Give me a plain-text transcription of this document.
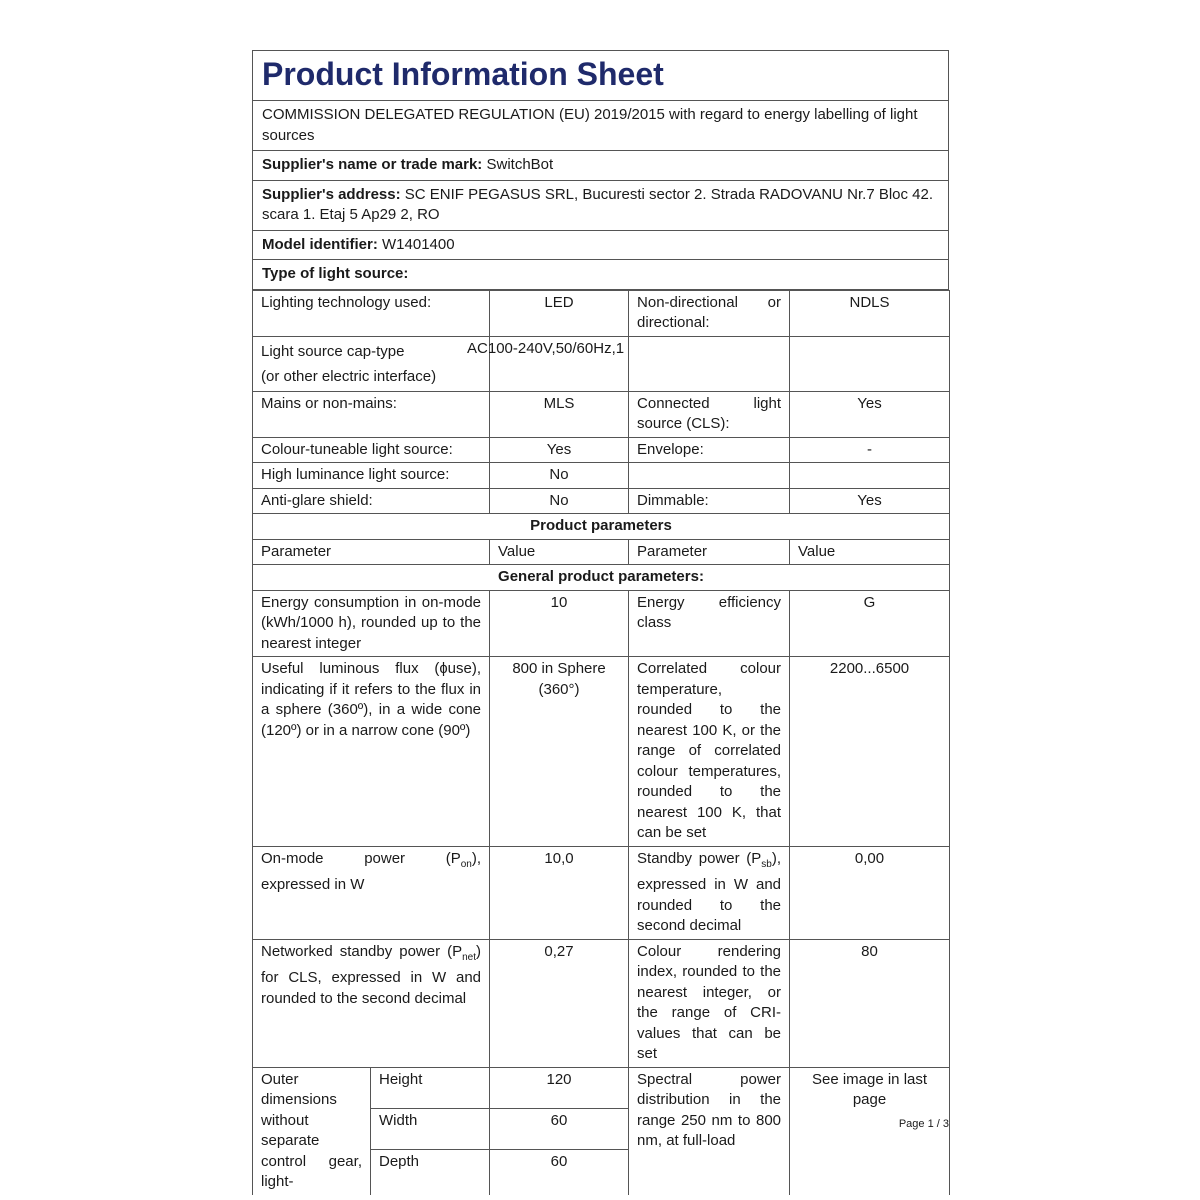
Product Information Sheet
COMMISSION DELEGATED REGULATION (EU) 2019/2015 with regard to energy labelling of light sources
Supplier's name or trade mark: SwitchBot
Supplier's address: SC ENIF PEGASUS SRL, Bucuresti sector 2. Strada RADOVANU Nr.7 Bloc 42. scara 1. Etaj 5 Ap29 2, RO
Model identifier: W1401400
Type of light source:
Lighting technology used:		LED	Non-directional or directional:	NDLS

Light source cap-type
(or other electric interface)		AC100-240V,50/60Hz,1		

Mains or non-mains:		MLS	Connected light source (CLS):	Yes
Colour-tuneable light source:		Yes	Envelope:	-
High luminance light source:		No		
Anti-glare shield:		No	Dimmable:	Yes
Product parameters				
Parameter		Value	Parameter	Value
General product parameters:				
Energy consumption in on-mode (kWh/1000 h), rounded up to the nearest integer		10	Energy efficiency class	G
Useful luminous flux (ɸuse), indicating if it refers to the flux in a sphere (360º), in a wide cone (120º) or in a narrow cone (90º)		800 in Sphere (360°)	Correlated colour temperature, rounded to the nearest 100 K, or the range of correlated colour temperatures, rounded to the nearest 100 K, that can be set	2200...6500
On-mode power $(P_{on})$, expressed in W		10,0	Standby power $(P_{sb})$, expressed in W and rounded to the second decimal	0,00
Networked standby power $(P_{net})$ for CLS, expressed in W and rounded to the second decimal		0,27	Colour rendering index, rounded to the nearest integer, or the range of CRI-values that can be set	80
Outer dimensions without separate control gear, light-	Height	120	Spectral power distribution in the range 250 nm to 800 nm, at full-load	See image in last page
	Width	60		
	Depth	60		
Page 1 / 3
